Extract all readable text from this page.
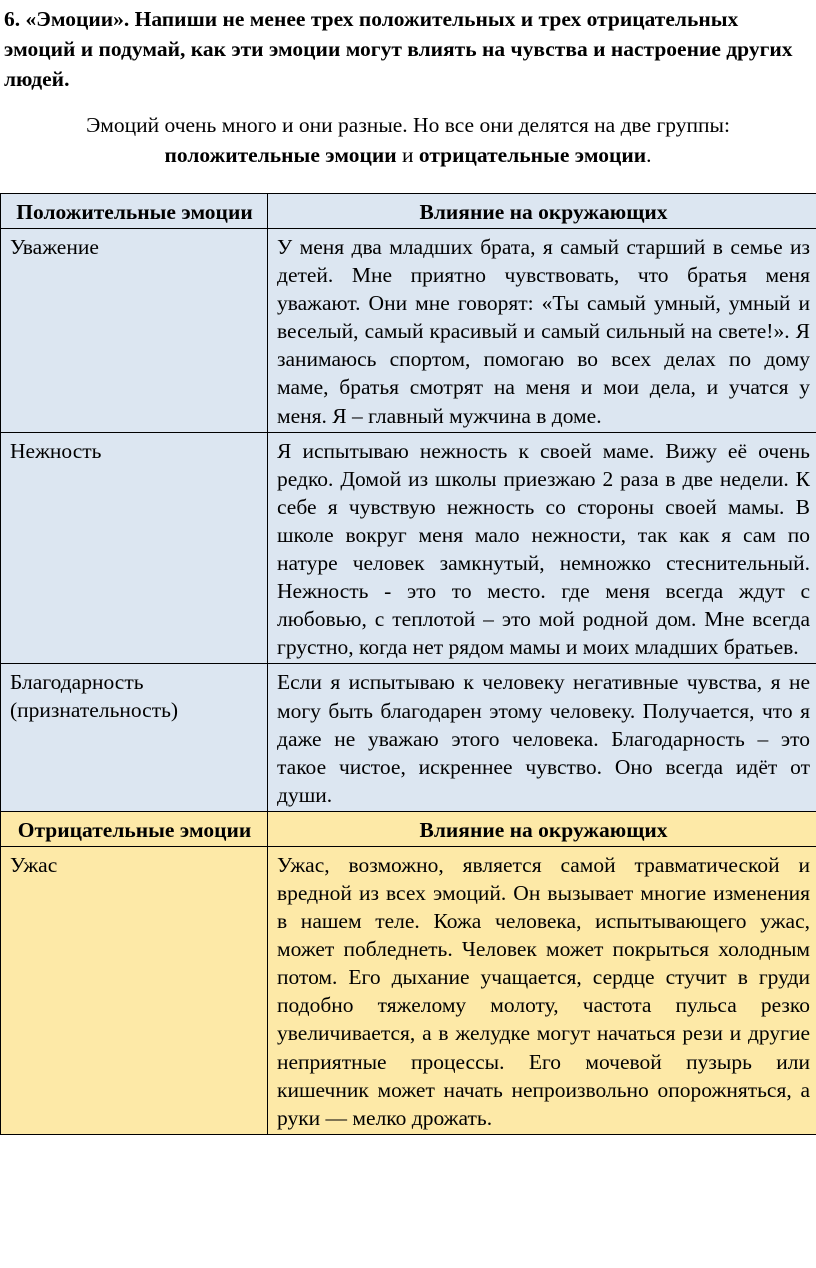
6. «Эмоции». Напиши не менее трех положительных и трех отрицательных эмоций и подумай, как эти эмоции могут влиять на чувства и настроение других людей.
Эмоций очень много и они разные. Но все они делятся на две группы:
положительные эмоции и отрицательные эмоции.
Положительные эмоции	Влияние на окружающих
Уважение	У меня два младших брата, я самый старший в семье из детей. Мне приятно чувствовать, что братья меня уважают. Они мне говорят: «Ты самый умный, умный и веселый, самый красивый и самый сильный на свете!». Я занимаюсь спортом, помогаю во всех делах по дому маме, братья смотрят на меня и мои дела, и учатся у меня. Я – главный мужчина в доме.
Нежность	Я испытываю нежность к своей маме. Вижу её очень редко. Домой из школы приезжаю 2 раза в две недели. К себе я чувствую нежность со стороны своей мамы. В школе вокруг меня мало нежности, так как я сам по натуре человек замкнутый, немножко стеснительный. Нежность - это то место. где меня всегда ждут с любовью, с теплотой – это мой родной дом. Мне всегда грустно, когда нет рядом мамы и моих младших братьев.
Благодарность (признательность)	Если я испытываю к человеку негативные чувства, я не могу быть благодарен этому человеку. Получается, что я даже не уважаю этого человека. Благодарность – это такое чистое, искреннее чувство. Оно всегда идёт от души.
Отрицательные эмоции	Влияние на окружающих
Ужас	Ужас, возможно, является самой травматической и вредной из всех эмоций. Он вызывает многие изменения в нашем теле. Кожа человека, испытывающего ужас, может побледнеть. Человек может покрыться холодным потом. Его дыхание учащается, сердце стучит в груди подобно тяжелому молоту, частота пульса резко увеличивается, а в желудке могут начаться рези и другие неприятные процессы. Его мочевой пузырь или кишечник может начать непроизвольно опорожняться, а руки — мелко дрожать.
